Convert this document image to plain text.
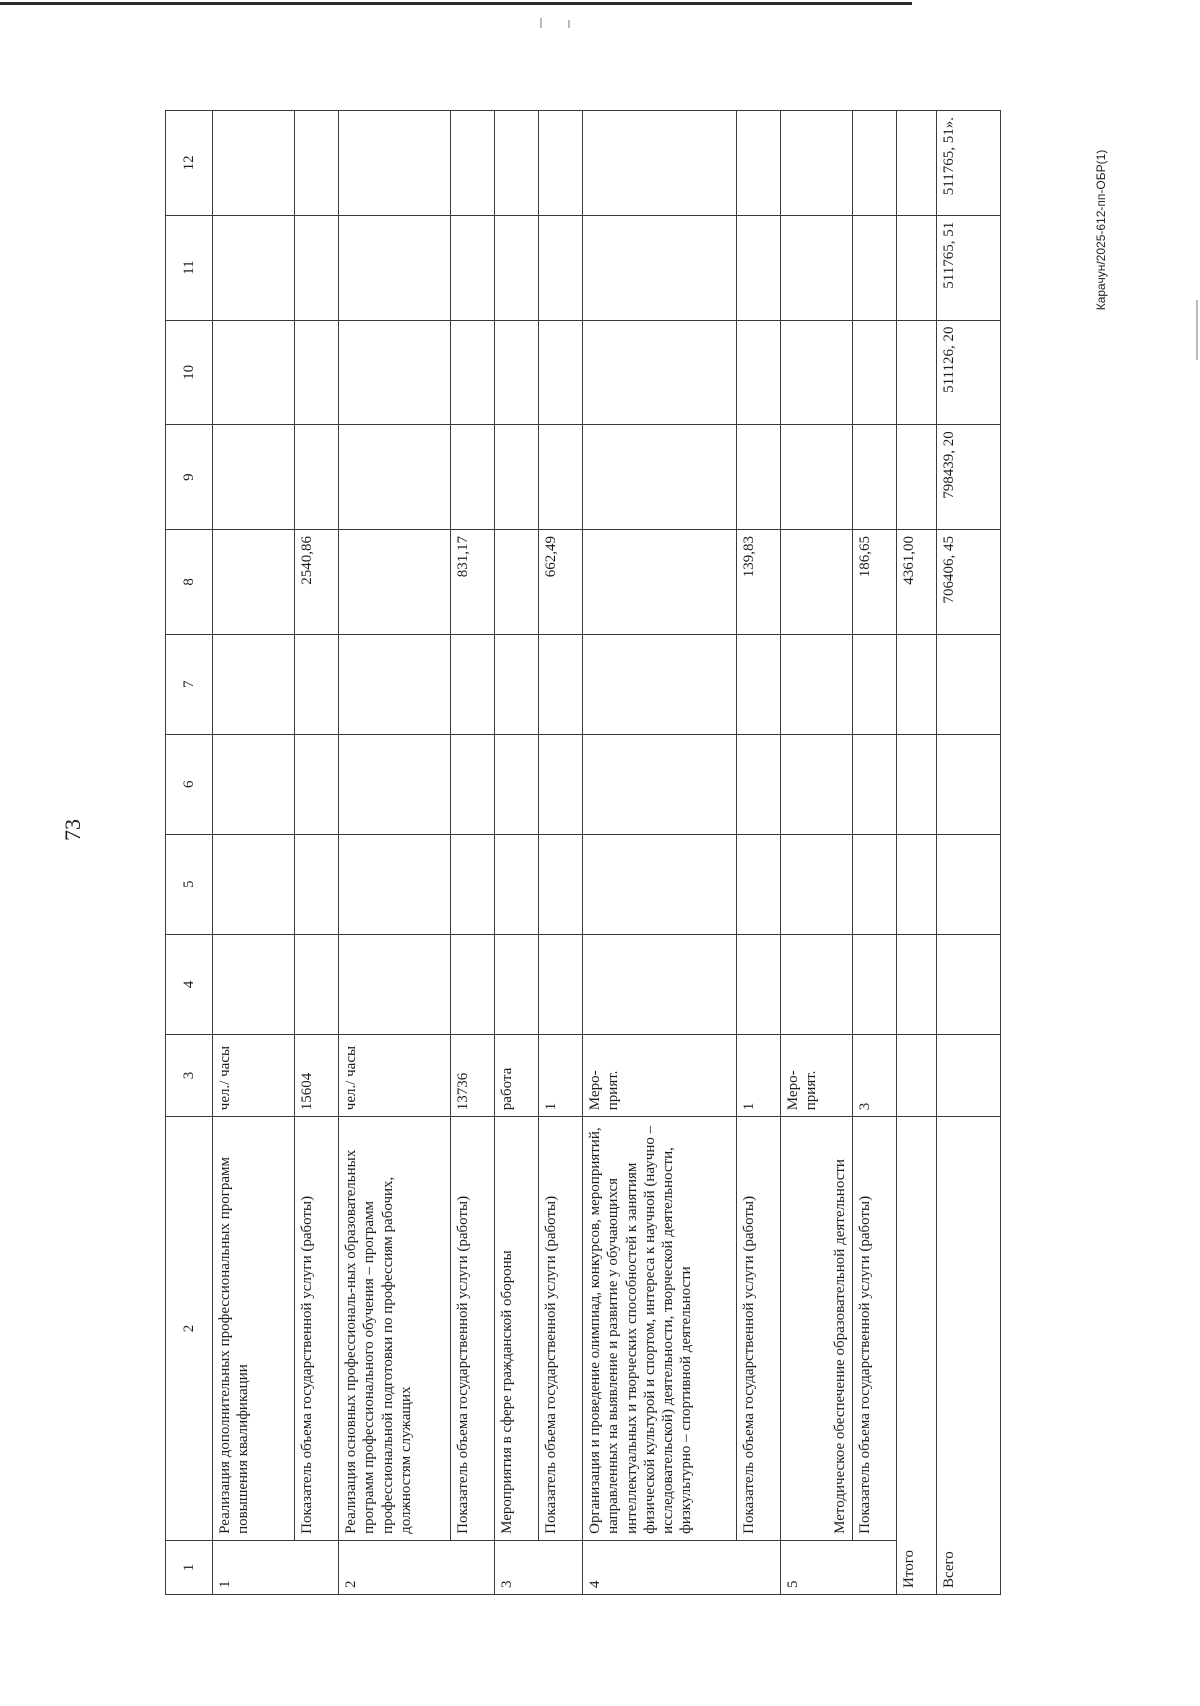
73
1	2	3	4	5	6	7	8	9	10	11	12
1	Реализация дополнительных профессиональных программ повышения квалификации	чел./ часы									
	Показатель объема государственной услуги (работы)	15604					2540,86				
2	Реализация основных профессиональ-ных образовательных программ профессионального обучения – программ профессиональной подготовки по профессиям рабочих, должностям служащих	чел./ часы									
	Показатель объема государственной услуги (работы)	13736					831,17				
3	Мероприятия в сфере гражданской обороны	работа									
	Показатель объема государственной услуги (работы)	1					662,49				
4	Организация и проведение олимпиад, конкурсов, мероприятий, направленных на выявление и развитие у обучающихся интеллектуальных и творческих способностей к занятиям физической культурой и спортом, интереса к научной (научно – исследовательской) деятельности, творческой деятельности, физкультурно – спортивной деятельности	Меро-прият.									
	Показатель объема государственной услуги (работы)	1					139,83				
5	Методическое обеспечение образовательной деятельности	Меро-прият.									
	Показатель объема государственной услуги (работы)	3					186,65				
Итого							4361,00				
Всего							706406, 45	798439, 20	511126, 20	511765, 51	511765, 51».	Карачун/2025-612-пп-ОБР(1)
